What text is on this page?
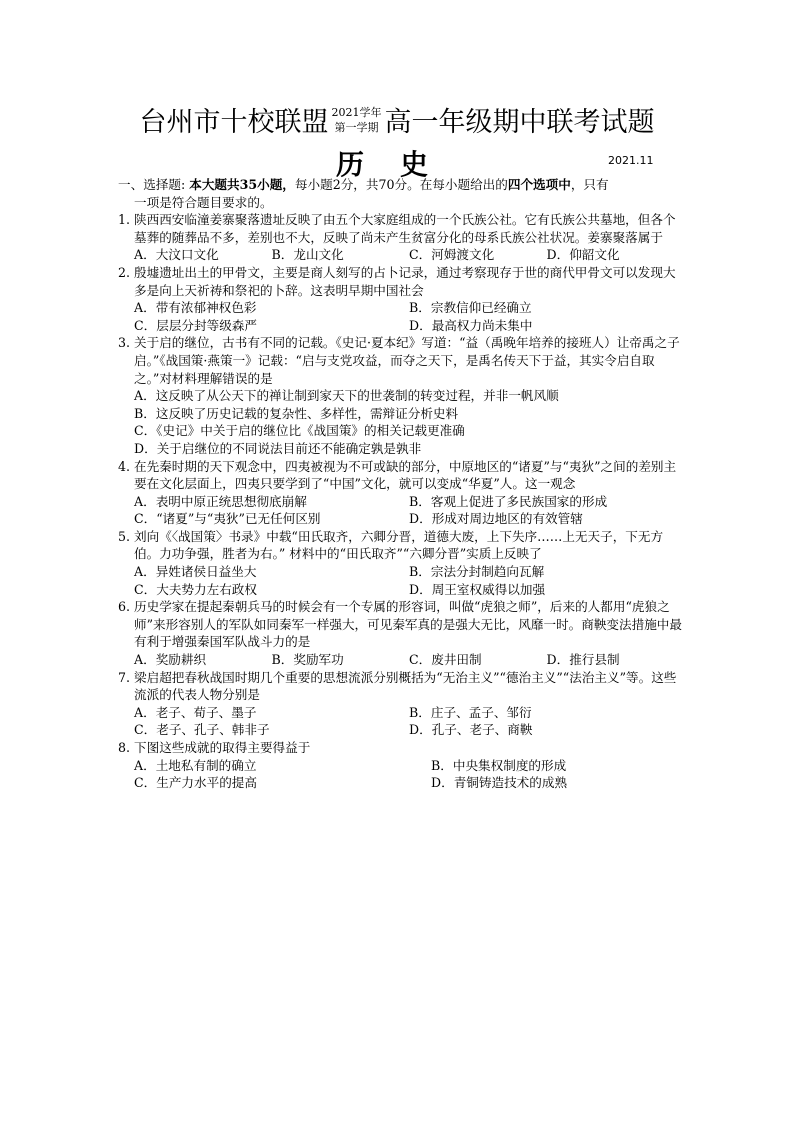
台州市十校联盟 2021学年
第一学期 高一年级期中联考试题
历 史	2021.11
一、选择题: 本大题共35小题，每小题2分，共70分。在每小题给出的四个选项中，只有
一项是符合题目要求的。
1. 陕西西安临潼姜寨聚落遗址反映了由五个大家庭组成的一个氏族公社。它有氏族公共墓地，但各个墓葬的随葬品不多，差别也不大，反映了尚未产生贫富分化的母系氏族公社状况。姜寨聚落属于
A．大汶口文化	B．龙山文化	C．河姆渡文化	D．仰韶文化
2. 殷墟遗址出土的甲骨文，主要是商人刻写的占卜记录，通过考察现存于世的商代甲骨文可以发现大多是向上天祈祷和祭祀的卜辞。这表明早期中国社会
A．带有浓郁神权色彩	B．宗教信仰已经确立
C．层层分封等级森严	D．最高权力尚未集中
3. 关于启的继位，古书有不同的记载。《史记·夏本纪》写道：“益（禹晚年培养的接班人）让帝禹之子启。”《战国策·燕策一》记载：“启与支党攻益，而夺之天下，是禹名传天下于益，其实令启自取之。”对材料理解错误的是
A．这反映了从公天下的禅让制到家天下的世袭制的转变过程，并非一帆风顺
B．这反映了历史记载的复杂性、多样性，需辩证分析史料
C．《史记》中关于启的继位比《战国策》的相关记载更准确
D．关于启继位的不同说法目前还不能确定孰是孰非
4. 在先秦时期的天下观念中，四夷被视为不可或缺的部分，中原地区的“诸夏”与“夷狄”之间的差别主要在文化层面上，四夷只要学到了“中国”文化，就可以变成“华夏”人。这一观念
A．表明中原正统思想彻底崩解	B．客观上促进了多民族国家的形成
C．“诸夏”与“夷狄”已无任何区别	D．形成对周边地区的有效管辖
5. 刘向《〈战国策〉书录》中载“田氏取齐，六卿分晋，道德大废，上下失序……上无天子，下无方伯。力功争强，胜者为右。” 材料中的“田氏取齐”“六卿分晋”实质上反映了
A．异姓诸侯日益坐大	B．宗法分封制趋向瓦解
C．大夫势力左右政权	D．周王室权威得以加强
6. 历史学家在提起秦朝兵马的时候会有一个专属的形容词，叫做“虎狼之师”，后来的人都用“虎狼之师”来形容别人的军队如同秦军一样强大，可见秦军真的是强大无比，风靡一时。商鞅变法措施中最有利于增强秦国军队战斗力的是
A．奖励耕织	B．奖励军功	C．废井田制	D．推行县制
7. 梁启超把春秋战国时期几个重要的思想流派分别概括为“无治主义”“德治主义”“法治主义”等。这些流派的代表人物分别是
A．老子、荀子、墨子	B．庄子、孟子、邹衍
C．老子、孔子、韩非子	D．孔子、老子、商鞅
8. 下图这些成就的取得主要得益于
A．土地私有制的确立	B．中央集权制度的形成
C．生产力水平的提高	D．青铜铸造技术的成熟
